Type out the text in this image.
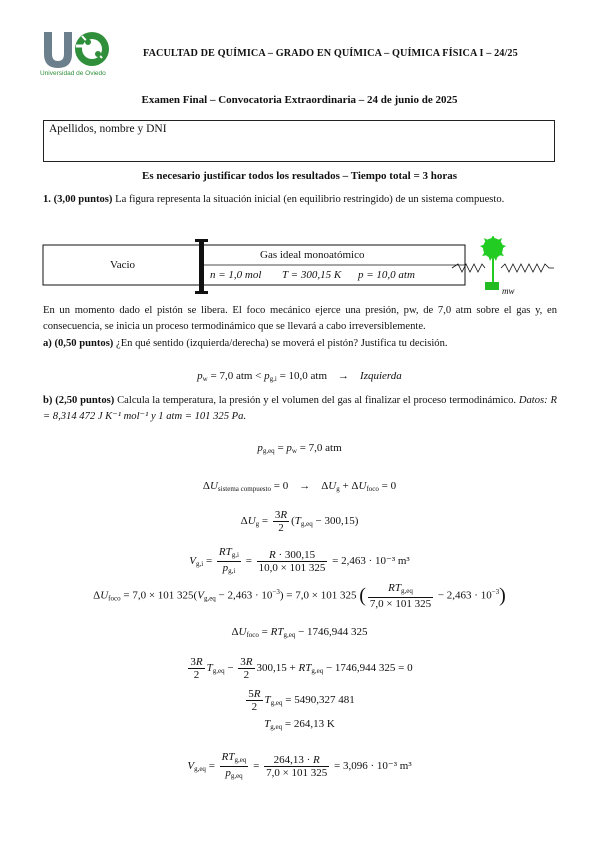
Universidad de Oviedo
FACULTAD DE QUÍMICA – GRADO EN QUÍMICA – QUÍMICA FÍSICA I – 24/25
Examen Final – Convocatoria Extraordinaria – 24 de junio de 2025
Apellidos, nombre y DNI
Es necesario justificar todos los resultados – Tiempo total = 3 horas
1. (3,00 puntos) La figura representa la situación inicial (en equilibrio restringido) de un sistema compuesto.
Vacio
Gas ideal monoatómico
n = 1,0 mol T = 300,15 K p = 10,0 atm
mw
En un momento dado el pistón se libera. El foco mecánico ejerce una presión, pw, de 7,0 atm sobre el gas y, en consecuencia, se inicia un proceso termodinámico que se llevará a cabo irreversiblemente.
a) (0,50 puntos) ¿En qué sentido (izquierda/derecha) se moverá el pistón? Justifica tu decisión.
$p_w = 7,0$ atm < $p_{g,i} = 10,0$ atm    →    Izquierda
b) (2,50 puntos) Calcula la temperatura, la presión y el volumen del gas al finalizar el proceso termodinámico. Datos: R = 8,314 472 J K⁻¹ mol⁻¹ y 1 atm = 101 325 Pa.
$p_{g,eq} = p_w = 7,0$ atm
$\Delta U_{sistema compuesto} = 0$    →    $\Delta U_g + \Delta U_{foco} = 0$
$\Delta U_g = \frac{3R}{2} (T_{g,eq} - 300,15)$
$V_{g,i} = \frac{RT_{g,i}}{p_{g,i}} = \frac{R \cdot 300,15}{10,0 \times 101 325} = 2,463 \cdot 10^{-3}$ m³
$\Delta U_{foco} = 7,0 \times 101$ $325(V_{g,eq} - 2,463 \cdot 10^{-3}) = 7,0 \times 101$ 325 ( $\frac{RT_{g,eq}}{7,0 \times 101 325} - 2,463 \cdot 10^{-3}$)
$\Delta U_{foco} = RT_{g,eq} - 1746,944$ 325
$\frac{3R}{2} T_{g,eq} - \frac{3R}{2} 300,15 + RT_{g,eq} - 1746,944$ 325 = 0
$\frac{5R}{2} T_{g,eq} = 5490,327$ 481
$T_{g,eq} = 264,13$ K
$V_{g,eq} = \frac{RT_{g,eq}}{p_{g,eq}} = \frac{264,13 \cdot R}{7,0 \times 101 325} = 3,096 \cdot 10^{-3}$ m³
